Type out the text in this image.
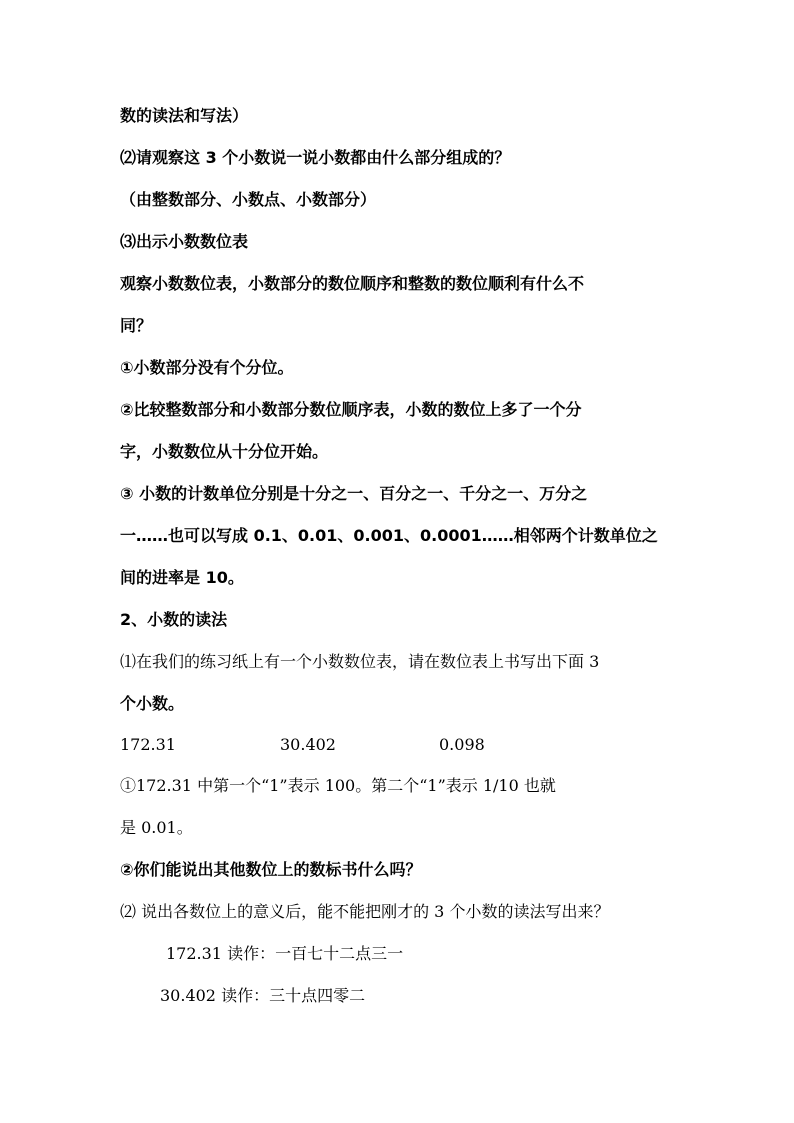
数的读法和写法）
⑵请观察这 3 个小数说一说小数都由什么部分组成的？
（由整数部分、小数点、小数部分）
⑶出示小数数位表
观察小数数位表，小数部分的数位顺序和整数的数位顺利有什么不
同？
①小数部分没有个分位。
②比较整数部分和小数部分数位顺序表，小数的数位上多了一个分
字，小数数位从十分位开始。
③ 小数的计数单位分别是十分之一、百分之一、千分之一、万分之
一……也可以写成 0.1、0.01、0.001、0.0001……相邻两个计数单位之
间的进率是 10。
2、小数的读法
⑴在我们的练习纸上有一个小数数位表，请在数位表上书写出下面 3
个小数。
172.31	30.402	0.098
①172.31 中第一个“1”表示 100。第二个“1”表示 1/10 也就
是 0.01。
②你们能说出其他数位上的数标书什么吗？
⑵ 说出各数位上的意义后，能不能把刚才的 3 个小数的读法写出来？
172.31 读作：一百七十二点三一
30.402 读作：三十点四零二
